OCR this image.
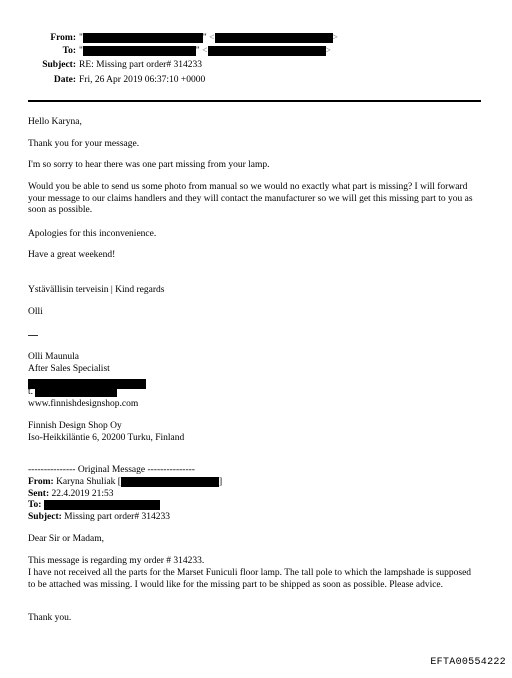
From: "	" <	>
To: "	" <	>
Subject: RE: Missing part order# 314233
Date: Fri, 26 Apr 2019 06:37:10 +0000
Hello Karyna,
Thank you for your message.
I'm so sorry to hear there was one part missing from your lamp.
Would you be able to send us some photo from manual so we would no exactly what part is missing? I will forward your message to our claims handlers and they will contact the manufacturer so we will get this missing part to you as soon as possible.
Apologies for this inconvenience.
Have a great weekend!
Ystävällisin terveisin | Kind regards
Olli
Olli Maunula
After Sales Specialist
t.
www.finnishdesignshop.com
Finnish Design Shop Oy
Iso-Heikkiläntie 6, 20200 Turku, Finland
--------------- Original Message ---------------
From: Karyna Shuliak [	]
Sent: 22.4.2019 21:53
To:
Subject: Missing part order# 314233
Dear Sir or Madam,
This message is regarding my order # 314233.
I have not received all the parts for the Marset Funiculi floor lamp. The tall pole to which the lampshade is supposed to be attached was missing. I would like for the missing part to be shipped as soon as possible. Please advice.
Thank you.
EFTA00554222
